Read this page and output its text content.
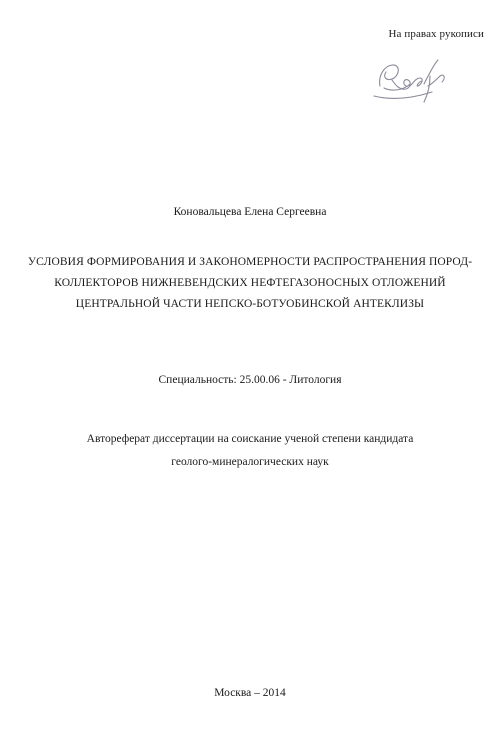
На правах рукописи
Коновальцева Елена Сергеевна
УСЛОВИЯ ФОРМИРОВАНИЯ И ЗАКОНОМЕРНОСТИ РАСПРОСТРАНЕНИЯ ПОРОД-
КОЛЛЕКТОРОВ НИЖНЕВЕНДСКИХ НЕФТЕГАЗОНОСНЫХ ОТЛОЖЕНИЙ
ЦЕНТРАЛЬНОЙ ЧАСТИ НЕПСКО-БОТУОБИНСКОЙ АНТЕКЛИЗЫ
Специальность: 25.00.06 - Литология
Автореферат диссертации на соискание ученой степени кандидата
геолого-минералогических наук
Москва – 2014
